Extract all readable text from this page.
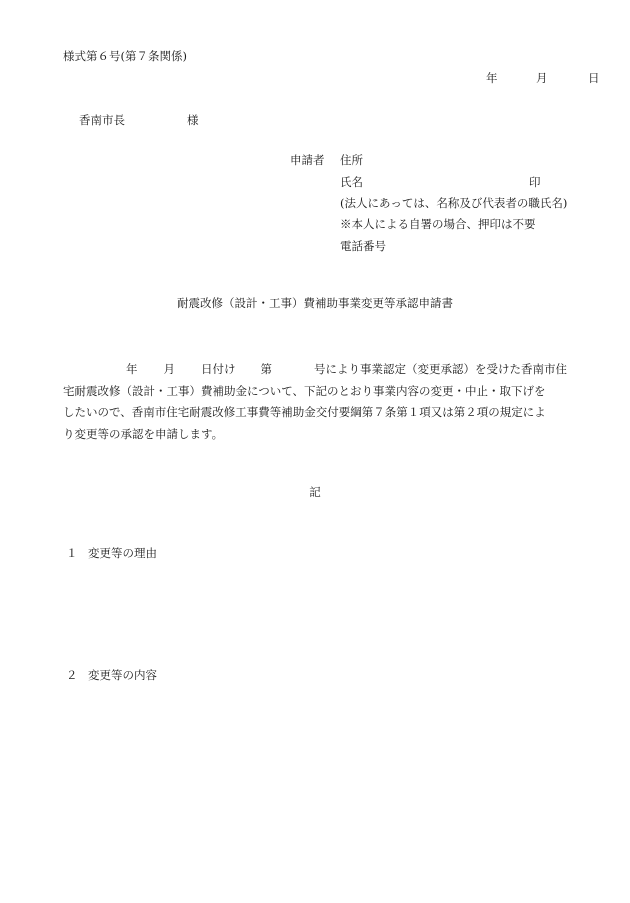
様式第６号(第７条関係)
年	月	日
香南市長	様
申請者 住所
氏名	印
(法人にあっては、名称及び代表者の職氏名)
※本人による自署の場合、押印は不要
電話番号
耐震改修（設計・工事）費補助事業変更等承認申請書
年 月 日付け 第	号により事業認定（変更承認）を受けた香南市住
宅耐震改修（設計・工事）費補助金について、下記のとおり事業内容の変更・中止・取下げを
したいので、香南市住宅耐震改修工事費等補助金交付要綱第７条第１項又は第２項の規定によ
り変更等の承認を申請します。
記
１ 変更等の理由
２ 変更等の内容
